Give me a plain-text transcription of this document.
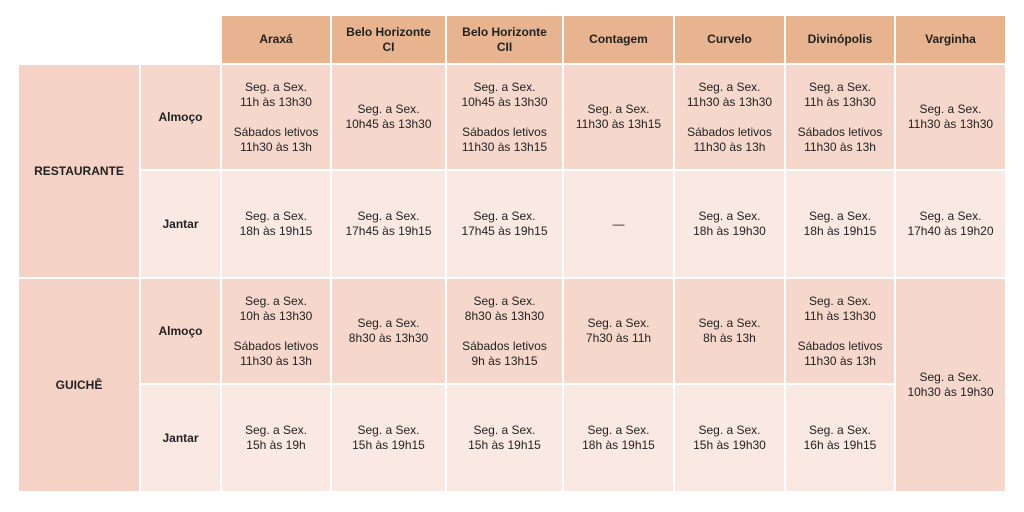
		Araxá	Belo Horizonte
CI	Belo Horizonte
CII	Contagem	Curvelo	Divinópolis	Varginha

RESTAURANTE	Almoço	Seg. a Sex.
11h às 13h30
Sábados letivos
11h30 às 13h	Seg. a Sex.
10h45 às 13h30	Seg. a Sex.
10h45 às 13h30
Sábados letivos
11h30 às 13h15	Seg. a Sex.
11h30 às 13h15	Seg. a Sex.
11h30 às 13h30
Sábados letivos
11h30 às 13h	Seg. a Sex.
11h às 13h30
Sábados letivos
11h30 às 13h	Seg. a Sex.
11h30 às 13h30

	Jantar	Seg. a Sex.
18h às 19h15	Seg. a Sex.
17h45 às 19h15	Seg. a Sex.
17h45 às 19h15	—	Seg. a Sex.
18h às 19h30	Seg. a Sex.
18h às 19h15	Seg. a Sex.
17h40 às 19h20

GUICHÊ	Almoço	Seg. a Sex.
10h às 13h30
Sábados letivos
11h30 às 13h	Seg. a Sex.
8h30 às 13h30	Seg. a Sex.
8h30 às 13h30
Sábados letivos
9h às 13h15	Seg. a Sex.
7h30 às 11h	Seg. a Sex.
8h às 13h	Seg. a Sex.
11h às 13h30
Sábados letivos
11h30 às 13h	Seg. a Sex.
10h30 às 19h30

	Jantar	Seg. a Sex.
15h às 19h	Seg. a Sex.
15h às 19h15	Seg. a Sex.
15h às 19h15	Seg. a Sex.
18h às 19h15	Seg. a Sex.
15h às 19h30	Seg. a Sex.
16h às 19h15	
